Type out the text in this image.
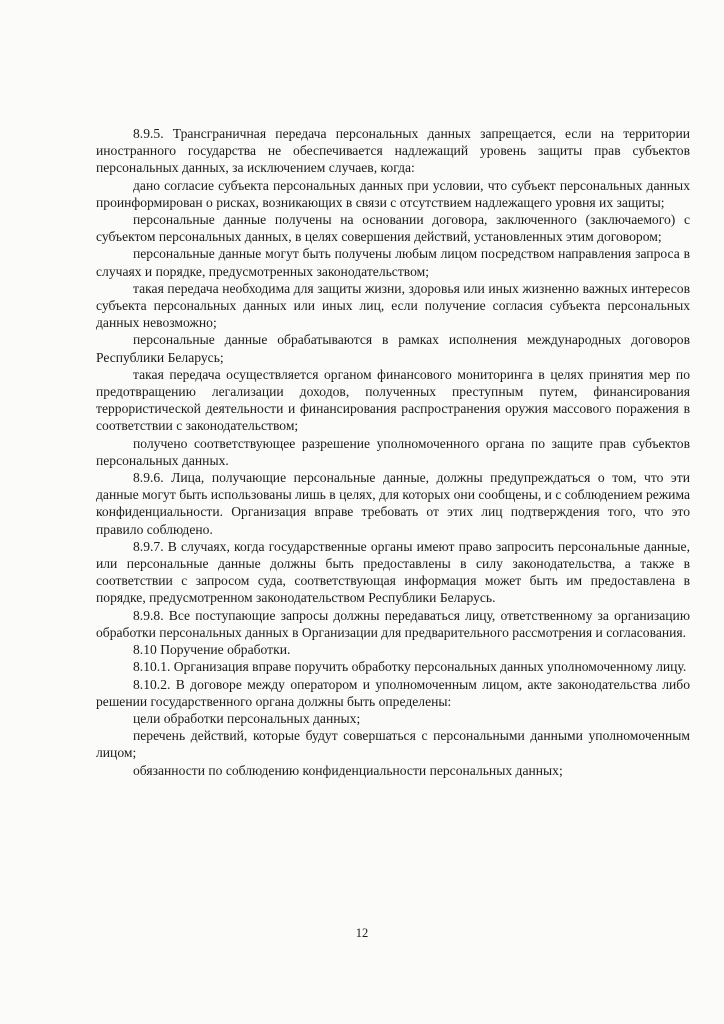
8.9.5. Трансграничная передача персональных данных запрещается, если на территории иностранного государства не обеспечивается надлежащий уровень защиты прав субъектов персональных данных, за исключением случаев, когда:

дано согласие субъекта персональных данных при условии, что субъект персональных данных проинформирован о рисках, возникающих в связи с отсутствием надлежащего уровня их защиты;

персональные данные получены на основании договора, заключенного (заключаемого) с субъектом персональных данных, в целях совершения действий, установленных этим договором;

персональные данные могут быть получены любым лицом посредством направления запроса в случаях и порядке, предусмотренных законодательством;

такая передача необходима для защиты жизни, здоровья или иных жизненно важных интересов субъекта персональных данных или иных лиц, если получение согласия субъекта персональных данных невозможно;

персональные данные обрабатываются в рамках исполнения международных договоров Республики Беларусь;

такая передача осуществляется органом финансового мониторинга в целях принятия мер по предотвращению легализации доходов, полученных преступным путем, финансирования террористической деятельности и финансирования распространения оружия массового поражения в соответствии с законодательством;

получено соответствующее разрешение уполномоченного органа по защите прав субъектов персональных данных.

8.9.6. Лица, получающие персональные данные, должны предупреждаться о том, что эти данные могут быть использованы лишь в целях, для которых они сообщены, и с соблюдением режима конфиденциальности. Организация вправе требовать от этих лиц подтверждения того, что это правило соблюдено.

8.9.7. В случаях, когда государственные органы имеют право запросить персональные данные, или персональные данные должны быть предоставлены в силу законодательства, а также в соответствии с запросом суда, соответствующая информация может быть им предоставлена в порядке, предусмотренном законодательством Республики Беларусь.

8.9.8. Все поступающие запросы должны передаваться лицу, ответственному за организацию обработки персональных данных в Организации для предварительного рассмотрения и согласования.

8.10 Поручение обработки.

8.10.1. Организация вправе поручить обработку персональных данных уполномоченному лицу.

8.10.2. В договоре между оператором и уполномоченным лицом, акте законодательства либо решении государственного органа должны быть определены:

цели обработки персональных данных;

перечень действий, которые будут совершаться с персональными данными уполномоченным лицом;

обязанности по соблюдению конфиденциальности персональных данных;

12
